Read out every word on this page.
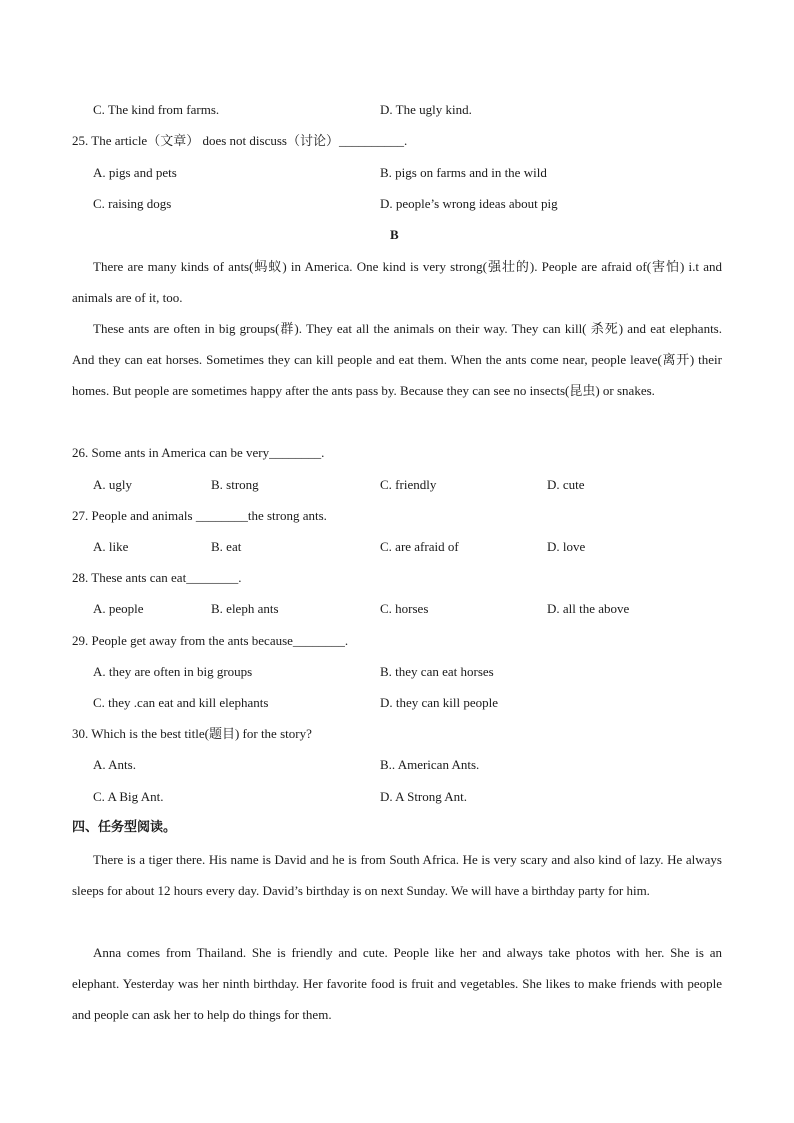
C. The kind from farms.	D. The ugly kind.
25. The article（文章） does not discuss（讨论）__________.
A. pigs and pets	B. pigs on farms and in the wild
C. raising dogs	D. people’s wrong ideas about pig
B
There are many kinds of ants(蚂蚁) in America. One kind is very strong(强壮的). People are afraid of(害怕) i.t and animals are of it, too.
These ants are often in big groups(群). They eat all the animals on their way. They can kill( 杀死) and eat elephants. And they can eat horses. Sometimes they can kill people and eat them. When the ants come near, people leave(离开) their homes. But people are sometimes happy after the ants pass by. Because they can see no insects(昆虫) or snakes.
26. Some ants in America can be very________.
A. ugly	B. strong	C. friendly	D. cute
27. People and animals ________the strong ants.
A. like	B. eat	C. are afraid of	D. love
28. These ants can eat________.
A. people	B. eleph ants	C. horses	D. all the above
29. People get away from the ants because________.
A. they are often in big groups	B. they can eat horses
C. they .can eat and kill elephants	D. they can kill people
30. Which is the best title(题目) for the story?
A. Ants.	B.. American Ants.
C. A Big Ant.	D. A Strong Ant.
四、任务型阅读。
There is a tiger there. His name is David and he is from South Africa. He is very scary and also kind of lazy. He always sleeps for about 12 hours every day. David’s birthday is on next Sunday. We will have a birthday party for him.
Anna comes from Thailand. She is friendly and cute. People like her and always take photos with her. She is an elephant. Yesterday was her ninth birthday. Her favorite food is fruit and vegetables. She likes to make friends with people and people can ask her to help do things for them.
